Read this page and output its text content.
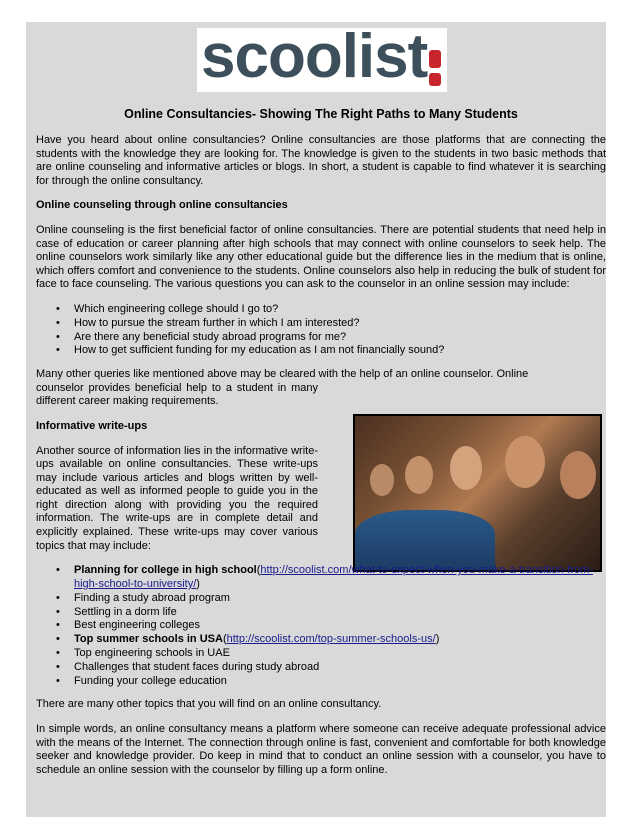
scoolist
Online Consultancies- Showing The Right Paths to Many Students

Have you heard about online consultancies? Online consultancies are those platforms that are connecting the students with the knowledge they are looking for. The knowledge is given to the students in two basic methods that are online counseling and informative articles or blogs. In short, a student is capable to find whatever it is searching for through the online consultancy.

Online counseling through online consultancies

Online counseling is the first beneficial factor of online consultancies. There are potential students that need help in case of education or career planning after high schools that may connect with online counselors to seek help. The online counselors work similarly like any other educational guide but the difference lies in the medium that is online, which offers comfort and convenience to the students. Online counselors also help in reducing the bulk of student for face to face counseling. The various questions you can ask to the counselor in an online session may include:

• Which engineering college should I go to?
• How to pursue the stream further in which I am interested?
• Are there any beneficial study abroad programs for me?
• How to get sufficient funding for my education as I am not financially sound?
Many other queries like mentioned above may be cleared with the help of an online counselor. Online
counselor provides beneficial help to a student in many different career making requirements.
Informative write-ups

Another source of information lies in the informative write-ups available on online consultancies. These write-ups may include various articles and blogs written by well-educated as well as informed people to guide you in the right direction along with providing you the required information. The write-ups are in complete detail and explicitly explained. These write-ups may cover various topics that may include:

• Planning for college in high school(http://scoolist.com/what-to-expect-when-you-make-a-transition-from-high-school-to-university/)
• Finding a study abroad program
• Settling in a dorm life
• Best engineering colleges
• Top summer schools in USA(http://scoolist.com/top-summer-schools-us/)
• Top engineering schools in UAE
• Challenges that student faces during study abroad
• Funding your college education

There are many other topics that you will find on an online consultancy.

In simple words, an online consultancy means a platform where someone can receive adequate professional advice with the means of the Internet. The connection through online is fast, convenient and comfortable for both knowledge seeker and knowledge provider. Do keep in mind that to conduct an online session with a counselor, you have to schedule an online session with the counselor by filling up a form online.
